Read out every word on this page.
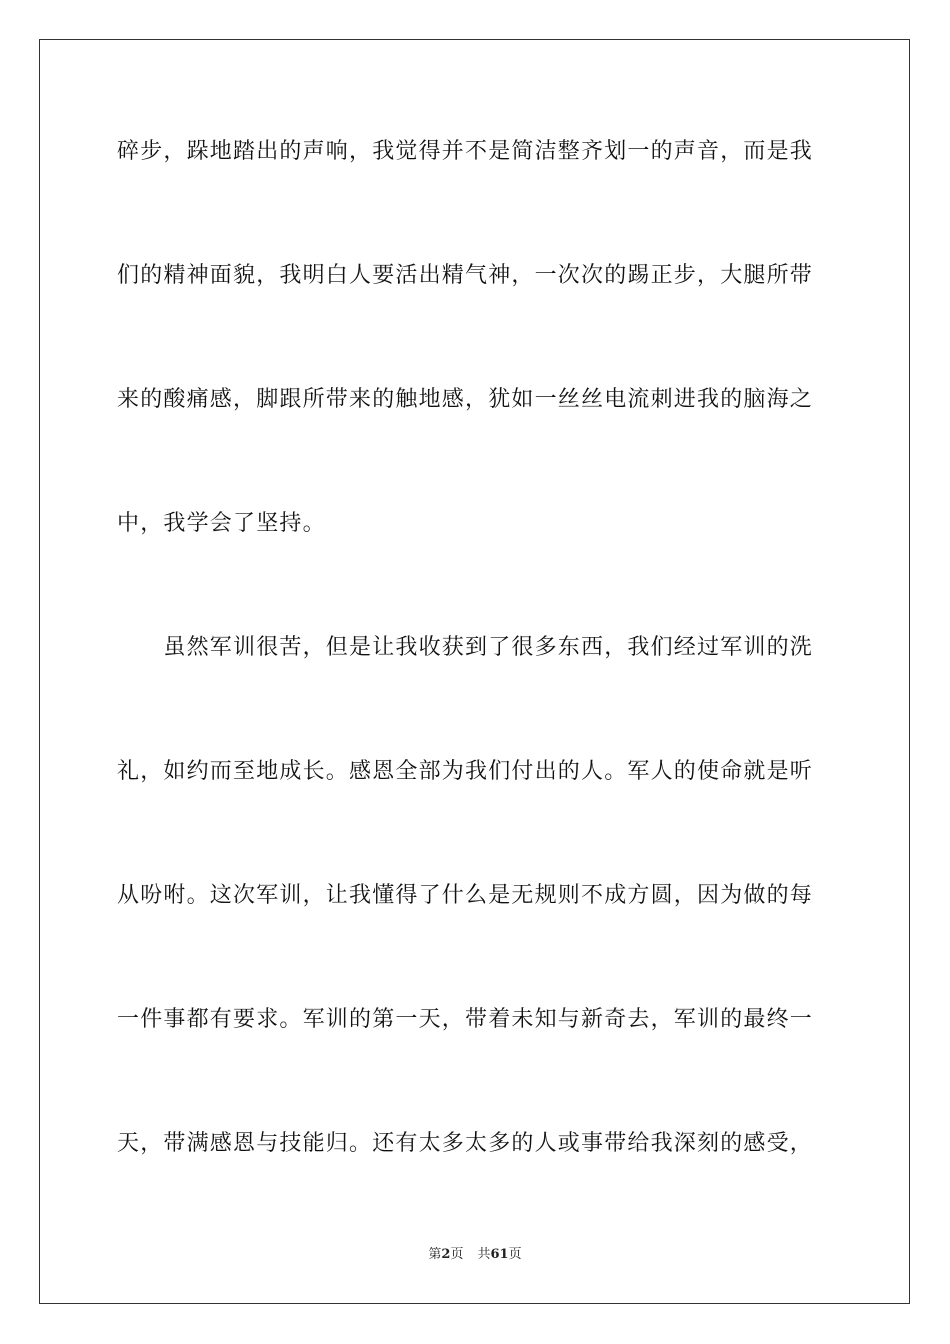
碎步，跺地踏出的声响，我觉得并不是简洁整齐划一的声音，而是我
们的精神面貌，我明白人要活出精气神，一次次的踢正步，大腿所带
来的酸痛感，脚跟所带来的触地感，犹如一丝丝电流刺进我的脑海之
中，我学会了坚持。
　　虽然军训很苦，但是让我收获到了很多东西，我们经过军训的洗
礼，如约而至地成长。感恩全部为我们付出的人。军人的使命就是听
从吩咐。这次军训，让我懂得了什么是无规则不成方圆，因为做的每
一件事都有要求。军训的第一天，带着未知与新奇去，军训的最终一
天，带满感恩与技能归。还有太多太多的人或事带给我深刻的感受，
第2页 共61页
